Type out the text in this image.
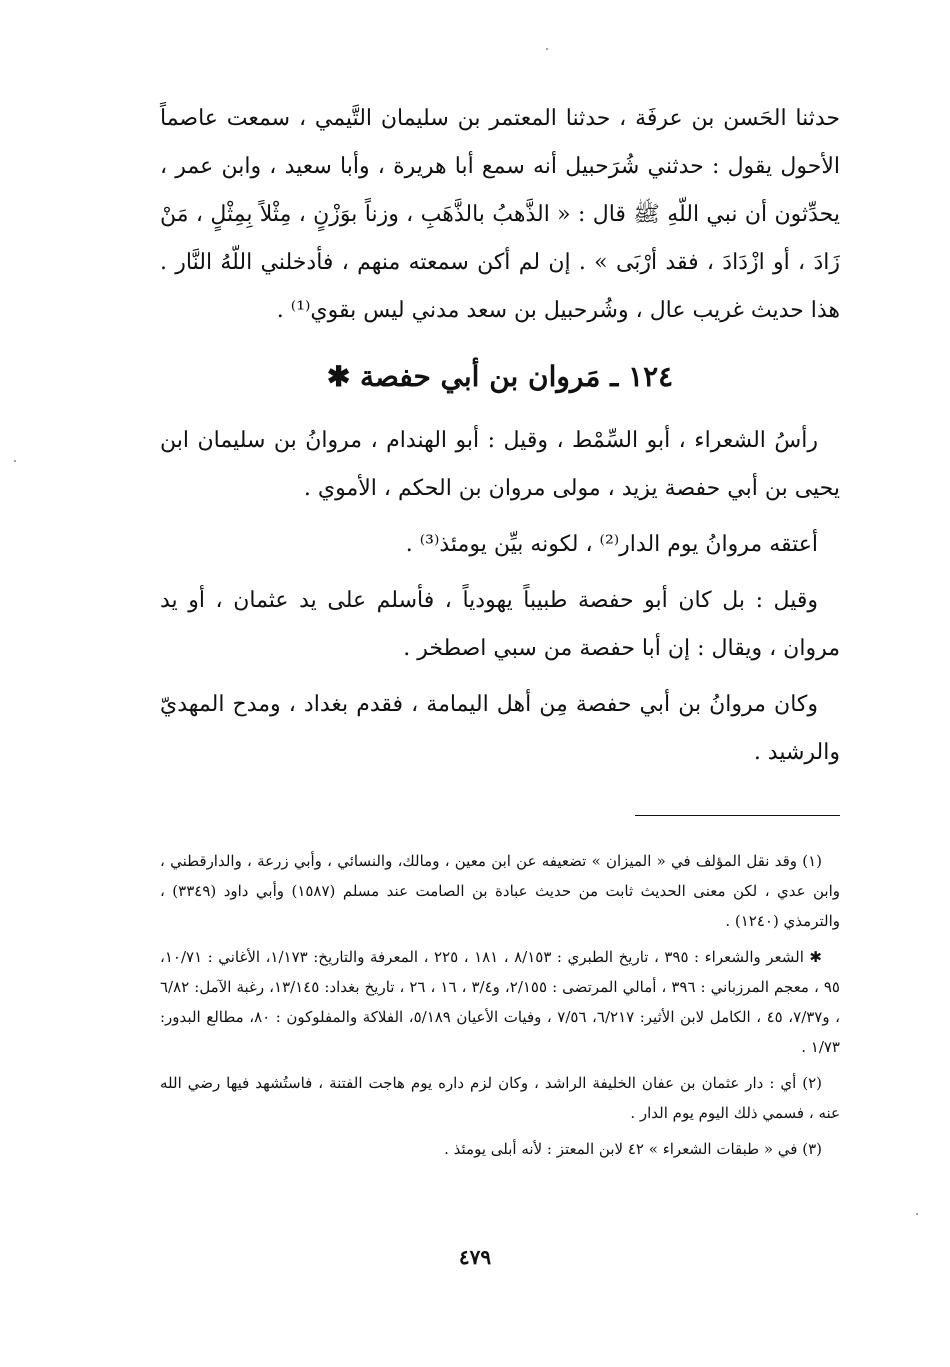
حدثنا الحَسن بن عرفَة ، حدثنا المعتمر بن سليمان التَّيمي ، سمعت عاصماً الأحول يقول : حدثني شُرَحبيل أنه سمع أبا هريرة ، وأبا سعيد ، وابن عمر ، يحدِّثون أن نبي اللّهِ ﷺ قال : « الذَّهبُ بالذَّهَبِ ، وزناً بوَزْنٍ ، مِثْلاً بِمِثْلٍ ، مَنْ زَادَ ، أو ازْدَادَ ، فقد أرْبَى » . إن لم أكن سمعته منهم ، فأدخلني اللّهُ النَّار . هذا حديث غريب عال ، وشُرحبيل بن سعد مدني ليس بقوي⁽¹⁾ .

١٢٤ ـ مَروان بن أبي حفصة ✱

رأسُ الشعراء ، أبو السِّمْط ، وقيل : أبو الهندام ، مروانُ بن سليمان ابن يحيى بن أبي حفصة يزيد ، مولى مروان بن الحكم ، الأموي .

أعتقه مروانُ يوم الدار⁽²⁾ ، لكونه بيِّن يومئذ⁽³⁾ .

وقيل : بل كان أبو حفصة طبيباً يهودياً ، فأسلم على يد عثمان ، أو يد مروان ، ويقال : إن أبا حفصة من سبي اصطخر .

وكان مروانُ بن أبي حفصة مِن أهل اليمامة ، فقدم بغداد ، ومدح المهديّ والرشيد .

(١) وقد نقل المؤلف في « الميزان » تضعيفه عن ابن معين ، ومالك، والنسائي ، وأبي زرعة ، والدارقطني ، وابن عدي ، لكن معنى الحديث ثابت من حديث عبادة بن الصامت عند مسلم (١٥٨٧) وأبي داود (٣٣٤٩) ، والترمذي (١٢٤٠) .

✱ الشعر والشعراء : ٣٩٥ ، تاريخ الطبري : ٨/١٥٣ ، ١٨١ ، ٢٢٥ ، المعرفة والتاريخ: ١/١٧٣، الأغاني : ١٠/٧١، ٩٥ ، معجم المرزباني : ٣٩٦ ، أمالي المرتضى : ٢/١٥٥، و٣/٤ ، ١٦ ، ٢٦ ، تاريخ بغداد: ١٣/١٤٥، رغبة الآمل: ٦/٨٢ ، و٧/٣٧، ٤٥ ، الكامل لابن الأثير: ٦/٢١٧، ٧/٥٦ ، وفيات الأعيان ٥/١٨٩، الفلاكة والمفلوكون : ٨٠، مطالع البدور: ١/٧٣ .

(٢) أي : دار عثمان بن عفان الخليفة الراشد ، وكان لزم داره يوم هاجت الفتنة ، فاستُشهد فيها رضي الله عنه ، فسمي ذلك اليوم يوم الدار .

(٣) في « طبقات الشعراء » ٤٢ لابن المعتز : لأنه أبلى يومئذ .

٤٧٩
